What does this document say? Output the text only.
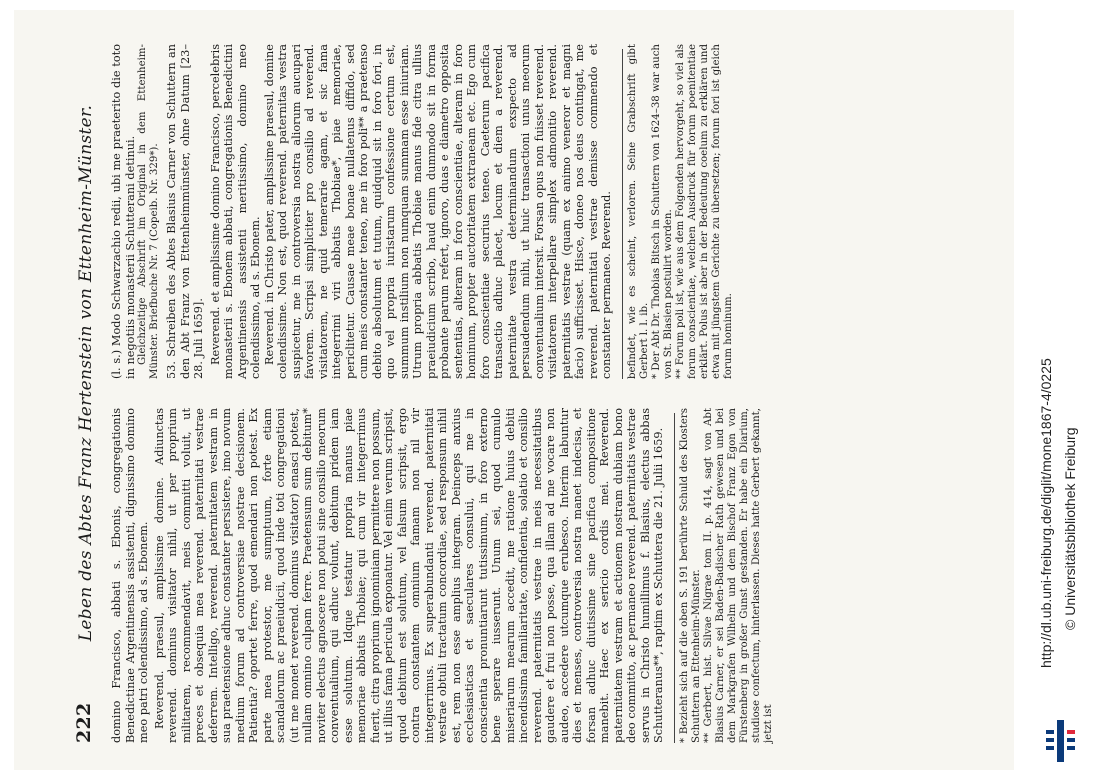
222
Leben des Abtes Franz Hertenstein von Ettenheim-Münster. domino Francisco, abbati s. Ebonis, congregationis Benedictinae Argentinensis assistenti, dignissimo domino meo patri colendissimo, ad s. Ebonem. Reverend. praesul, amplissime domine. Adiunctas reverend. dominus visitator nihil, ut per proprium militarem, recommendavit, meis committi voluit, ut preces et obsequia mea reverend. paternitati vestrae deferrem. Intelligo, reverend. paternitatem vestram in sua praetensione adhuc constanter persistere, imo novum medium forum ad controversiae nostrae decisionem. Patientia? oportet ferre, quod emendari non potest. Ex parte mea protestor, me sumptuum, forte etiam scandalorum ac praeiudicii, quod inde toti congregationi (ut me monet reverend. dominus visitator) enasci potest, nullam omnino culpam ferre. Praetensum sum debitum* noviter electus agnoscere non potui sine consilio meorum conventualium, qui adhuc volunt, debitum pridem iam esse solutum. Idque testatur propria manus piae memoriae abbatis Thobiae; qui cum vir integerrimus fuerit, citra proprium ignominiam permittere non possum, ut illius fama pericula exponatur. Vel enim verum scripsit, quod debitum est solutum, vel falsum scripsit, ergo contra constantem omnium famam non nil vir integerrimus. Ex superabundanti reverend. paternitati vestrae obtuli tractatum concordiae, sed responsum nihil est, rem non esse amplius integram. Deinceps anxius ecclesiasticas et saeculares consului, qui me in conscientia pronuntiarunt tutissimum, in foro externo bene sperare iusserunt. Unum sei, quod cumulo miseriarum mearum accedit, me ratione huius debiti incendissima familiaritate, confidentia, solatio et consilio reverend. paternitatis vestrae in meis necessitatibus gaudere et frui non posse, qua illam ad me vocare non audeo, accedere utcumque erubesco. Interim labuntur dies et menses, controversia nostra manet indecisa, et forsan adhuc diutissime sine pacifica compositione manebit. Haec ex sericio cordis mei. Reverend. paternitatem vestram et actionem nostram dubiam bono deo committo, ac permaneo reverend. paternitatis vestrae servus in Christo humillimus f. Blasius, electus abbas Schutteranus**, raptim ex Schuttera die 21. Julii 1659. * Bezieht sich auf die oben S. 191 berührte Schuld des Klosters Schuttern an Ettenheim-Münster. ** Gerbert, hist. Silvae Nigrae tom II. p. 414, sagt von Abt Blasius Carner, er sei Baden-Badischer Rath gewesen und bei dem Markgrafen Wilhelm und dem Bischof Franz Egon von Fürstenberg in großer Gunst gestanden. Er habe ein Diarium, studiose confectum, hinterlassen. Dieses hatte Gerbert gekannt, jetzt ist

(l. s.) Modo Schwarzachio redii, ubi me praeterito die toto in negotiis monasterii Schutterani detinui. Gleichzeitige Abschrift im Original in dem Ettenheim-Münster. Briefbuche Nr. 7 (Copeib. Nr. 329*). 53. Schreiben des Abtes Blasius Carner von Schuttern an den Abt Franz von Ettenheimmünster, ohne Datum [23–28. Juli 1659]. Reverend. et amplissime domino Francisco, percelebris monasterii s. Ebonem abbati, congregationis Benedictini Argentinensis assistenti meritissimo, domino meo colendissimo, ad s. Ebonem. Reverend. in Christo pater, amplissime praesul, domine colendissime. Non est, quod reverend. paternitas vestra suspicetur, me in controversia nostra aliorum aucupari favorem. Scripsi simpliciter pro consilio ad reverend. visitatorem, ne quid temerarie agam, et sic fama integerrimi viri abbatis Thobiae*, piae memoriae, periclitetur. Causae meae bonae nullatenus diffido, sed cum meis constanter teneo, me in foro poli** a praetenso debito absolutum et tutum, quidquid sit in foro fori, in quo vel propria iuristarum confessione certum est, summum instilium non numquam summam esse iniuriam. Utrum propria abbatis Thobiae manus fide citra ullius praeiudicium scribo, haud enim dummodo sit in forma probante parum refert, ignoro, duas e diametro opposita sententias, alteram in foro conscientiae, alteram in foro hominum, propter auctoritatem extraneam etc. Ego cum foro conscientiae securius teneo. Caeterum pacifica transactio adhuc placet, locum et diem a reverend. paternitate vestra determinandum exspecto ad persuadendum mihi, ut huic transactioni unus meorum conventualium intersit. Forsan opus non fuisset reverend. visitatorem interpellare simplex admonitio reverend. paternitatis vestrae (quam ex animo veneror et magni facio) sufficisset. Hisce, doneo nos deus contingat, me reverend. paternitati vestrae demisse commendo et constanter permaneo. Reverend. befindet, wie es scheint, verloren. Seine Grabschrift gibt Gerbert l. l. ib. * Der Abt Dr. Thobias Bitsch in Schuttern von 1624–38 war auch von St. Blasien postulirt worden. ** Forum poli ist, wie aus dem Folgenden hervorgeht, so viel als forum conscientiae, welchen Ausdruck für forum poenitentiae erklärt. Polus ist aber in der Bedeutung coelum zu erklären und etwa mit jüngstem Gerichte zu übersetzen; forum fori ist gleich forum hominum.

http://dl.ub.uni-freiburg.de/diglit/mone1867-4/0225 © Universitätsbibliothek Freiburg
